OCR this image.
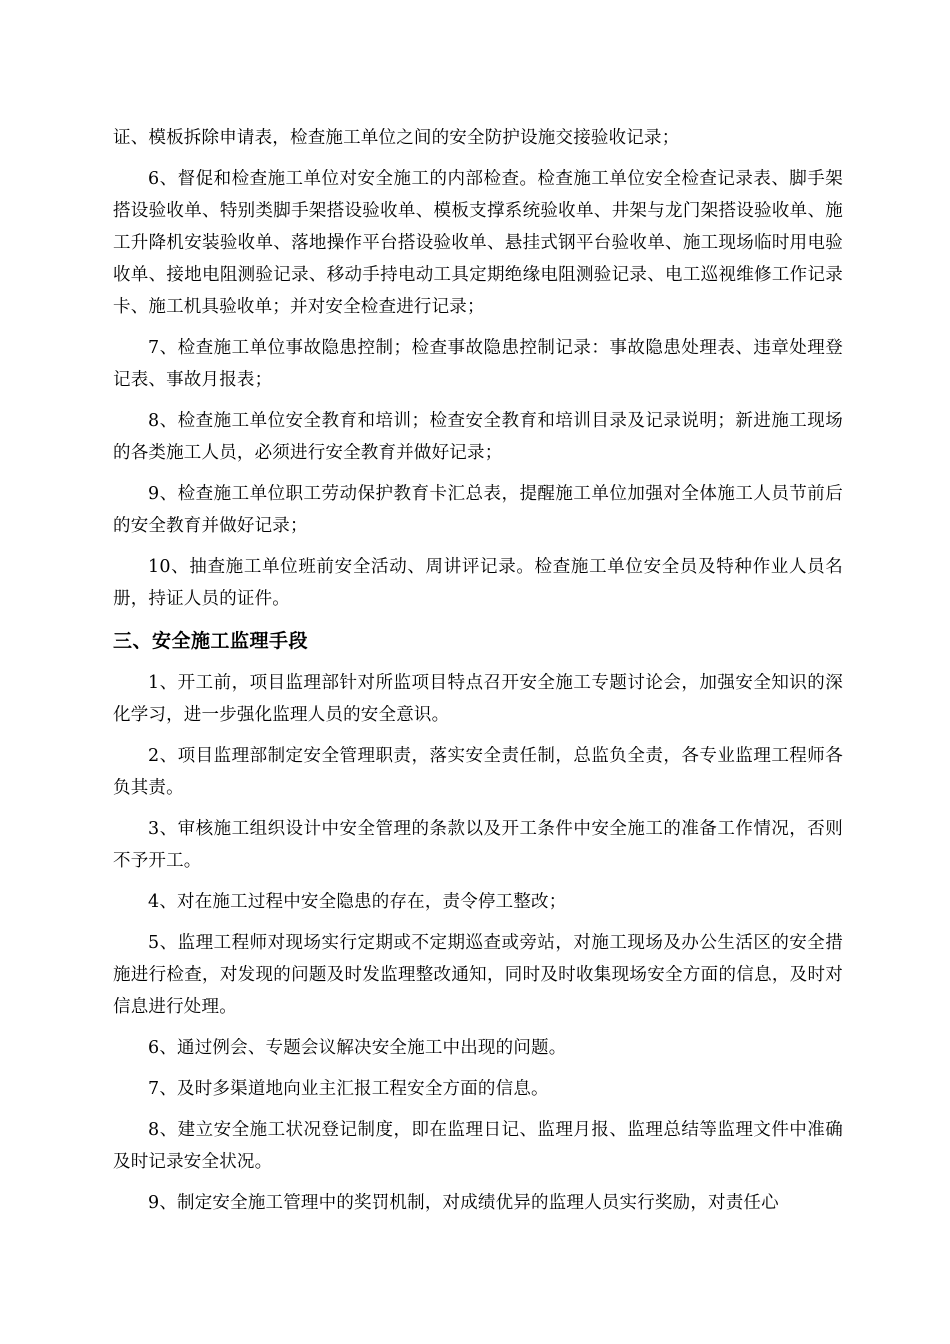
证、模板拆除申请表，检查施工单位之间的安全防护设施交接验收记录；

6、督促和检查施工单位对安全施工的内部检查。检查施工单位安全检查记录表、脚手架搭设验收单、特别类脚手架搭设验收单、模板支撑系统验收单、井架与龙门架搭设验收单、施工升降机安装验收单、落地操作平台搭设验收单、悬挂式钢平台验收单、施工现场临时用电验收单、接地电阻测验记录、移动手持电动工具定期绝缘电阻测验记录、电工巡视维修工作记录卡、施工机具验收单；并对安全检查进行记录；

7、检查施工单位事故隐患控制；检查事故隐患控制记录：事故隐患处理表、违章处理登记表、事故月报表；

8、检查施工单位安全教育和培训；检查安全教育和培训目录及记录说明；新进施工现场的各类施工人员，必须进行安全教育并做好记录；

9、检查施工单位职工劳动保护教育卡汇总表，提醒施工单位加强对全体施工人员节前后的安全教育并做好记录；

10、抽查施工单位班前安全活动、周讲评记录。检查施工单位安全员及特种作业人员名册，持证人员的证件。

三、安全施工监理手段

1、开工前，项目监理部针对所监项目特点召开安全施工专题讨论会，加强安全知识的深化学习，进一步强化监理人员的安全意识。

2、项目监理部制定安全管理职责，落实安全责任制，总监负全责，各专业监理工程师各负其责。

3、审核施工组织设计中安全管理的条款以及开工条件中安全施工的准备工作情况，否则不予开工。

4、对在施工过程中安全隐患的存在，责令停工整改；

5、监理工程师对现场实行定期或不定期巡查或旁站，对施工现场及办公生活区的安全措施进行检查，对发现的问题及时发监理整改通知，同时及时收集现场安全方面的信息，及时对信息进行处理。

6、通过例会、专题会议解决安全施工中出现的问题。

7、及时多渠道地向业主汇报工程安全方面的信息。

8、建立安全施工状况登记制度，即在监理日记、监理月报、监理总结等监理文件中准确及时记录安全状况。

9、制定安全施工管理中的奖罚机制，对成绩优异的监理人员实行奖励，对责任心
